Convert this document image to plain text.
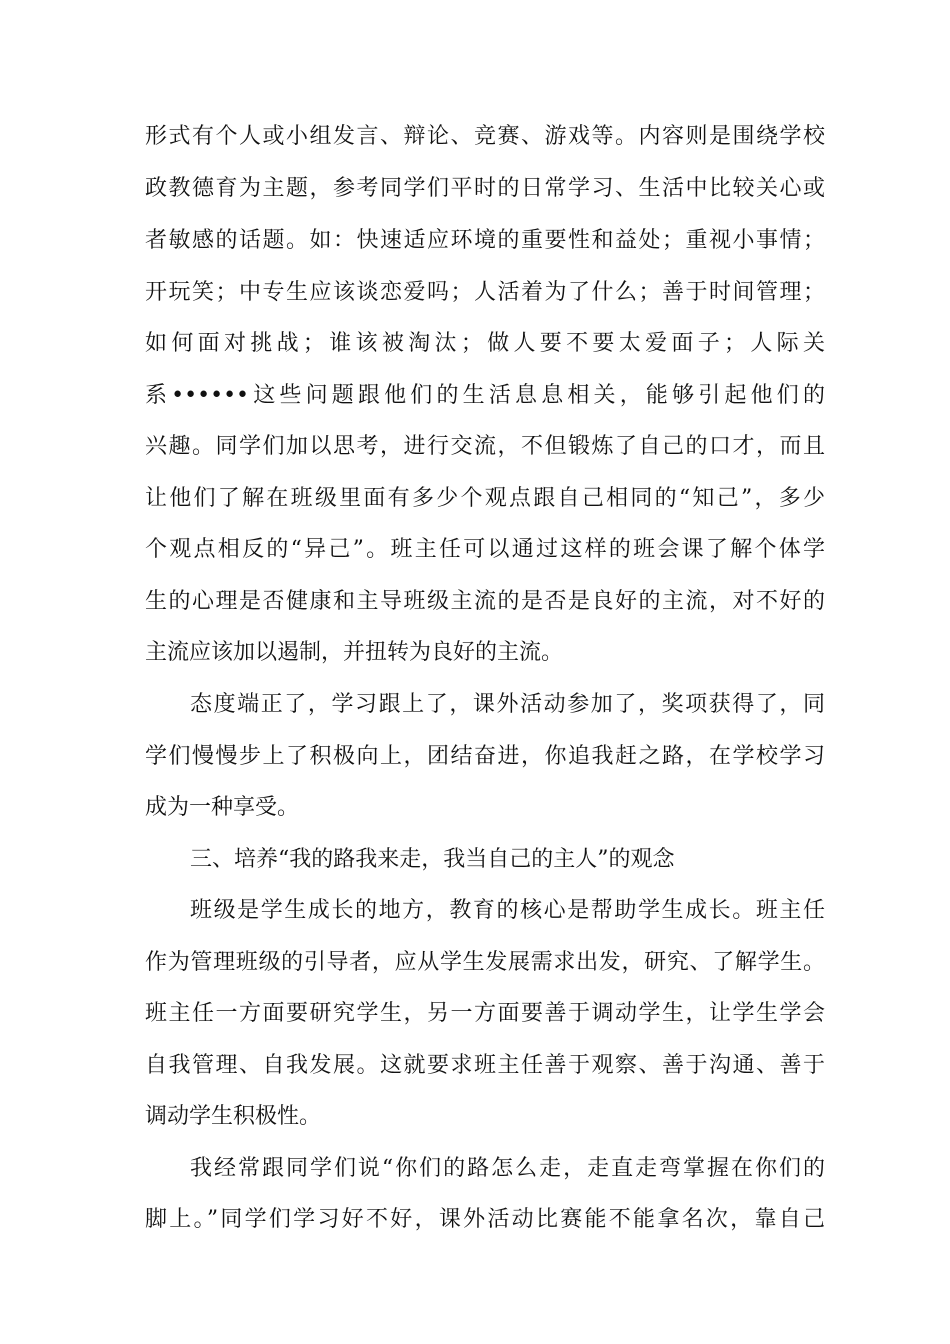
形式有个人或小组发言、辩论、竞赛、游戏等。内容则是围绕学校
政教德育为主题，参考同学们平时的日常学习、生活中比较关心或
者敏感的话题。如：快速适应环境的重要性和益处；重视小事情；
开玩笑；中专生应该谈恋爱吗；人活着为了什么；善于时间管理；
如何面对挑战；谁该被淘汰；做人要不要太爱面子；人际关
系••••••这些问题跟他们的生活息息相关，能够引起他们的
兴趣。同学们加以思考，进行交流，不但锻炼了自己的口才，而且
让他们了解在班级里面有多少个观点跟自己相同的“知己”，多少
个观点相反的“异己”。班主任可以通过这样的班会课了解个体学
生的心理是否健康和主导班级主流的是否是良好的主流，对不好的
主流应该加以遏制，并扭转为良好的主流。
态度端正了，学习跟上了，课外活动参加了，奖项获得了，同
学们慢慢步上了积极向上，团结奋进，你追我赶之路，在学校学习
成为一种享受。
三、培养“我的路我来走，我当自己的主人”的观念
班级是学生成长的地方，教育的核心是帮助学生成长。班主任
作为管理班级的引导者，应从学生发展需求出发，研究、了解学生。
班主任一方面要研究学生，另一方面要善于调动学生，让学生学会
自我管理、自我发展。这就要求班主任善于观察、善于沟通、善于
调动学生积极性。
我经常跟同学们说“你们的路怎么走，走直走弯掌握在你们的
脚上。”同学们学习好不好，课外活动比赛能不能拿名次，靠自己
